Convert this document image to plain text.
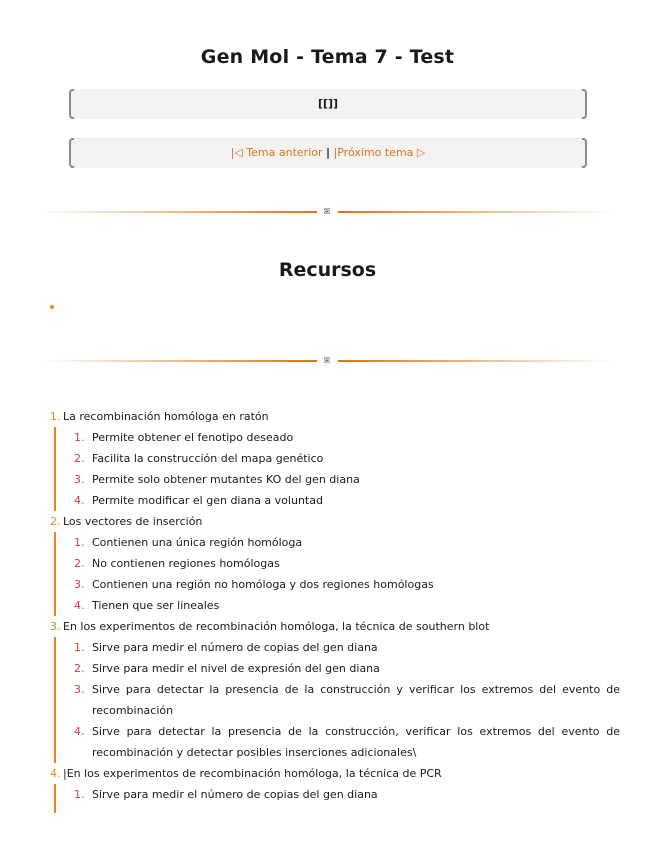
Gen Mol - Tema 7 - Test
[[]]
|◁ Tema anterior | |Próximo tema ▷
ꕤ
Recursos
ꕤ
1. La recombinación homóloga en ratón
1. Permite obtener el fenotipo deseado
2. Facilita la construcción del mapa genético
3. Permite solo obtener mutantes KO del gen diana
4. Permite modificar el gen diana a voluntad
2. Los vectores de inserción
1. Contienen una única región homóloga
2. No contienen regiones homólogas
3. Contienen una región no homóloga y dos regiones homólogas
4. Tienen que ser lineales
3. En los experimentos de recombinación homóloga, la técnica de southern blot
1. Sirve para medir el número de copias del gen diana
2. Sirve para medir el nivel de expresión del gen diana
3. Sirve para detectar la presencia de la construcción y verificar los extremos del evento de recombinación
4. Sirve para detectar la presencia de la construcción, verificar los extremos del evento de recombinación y detectar posibles inserciones adicionales\
4. |En los experimentos de recombinación homóloga, la técnica de PCR
1. Sirve para medir el número de copias del gen diana
